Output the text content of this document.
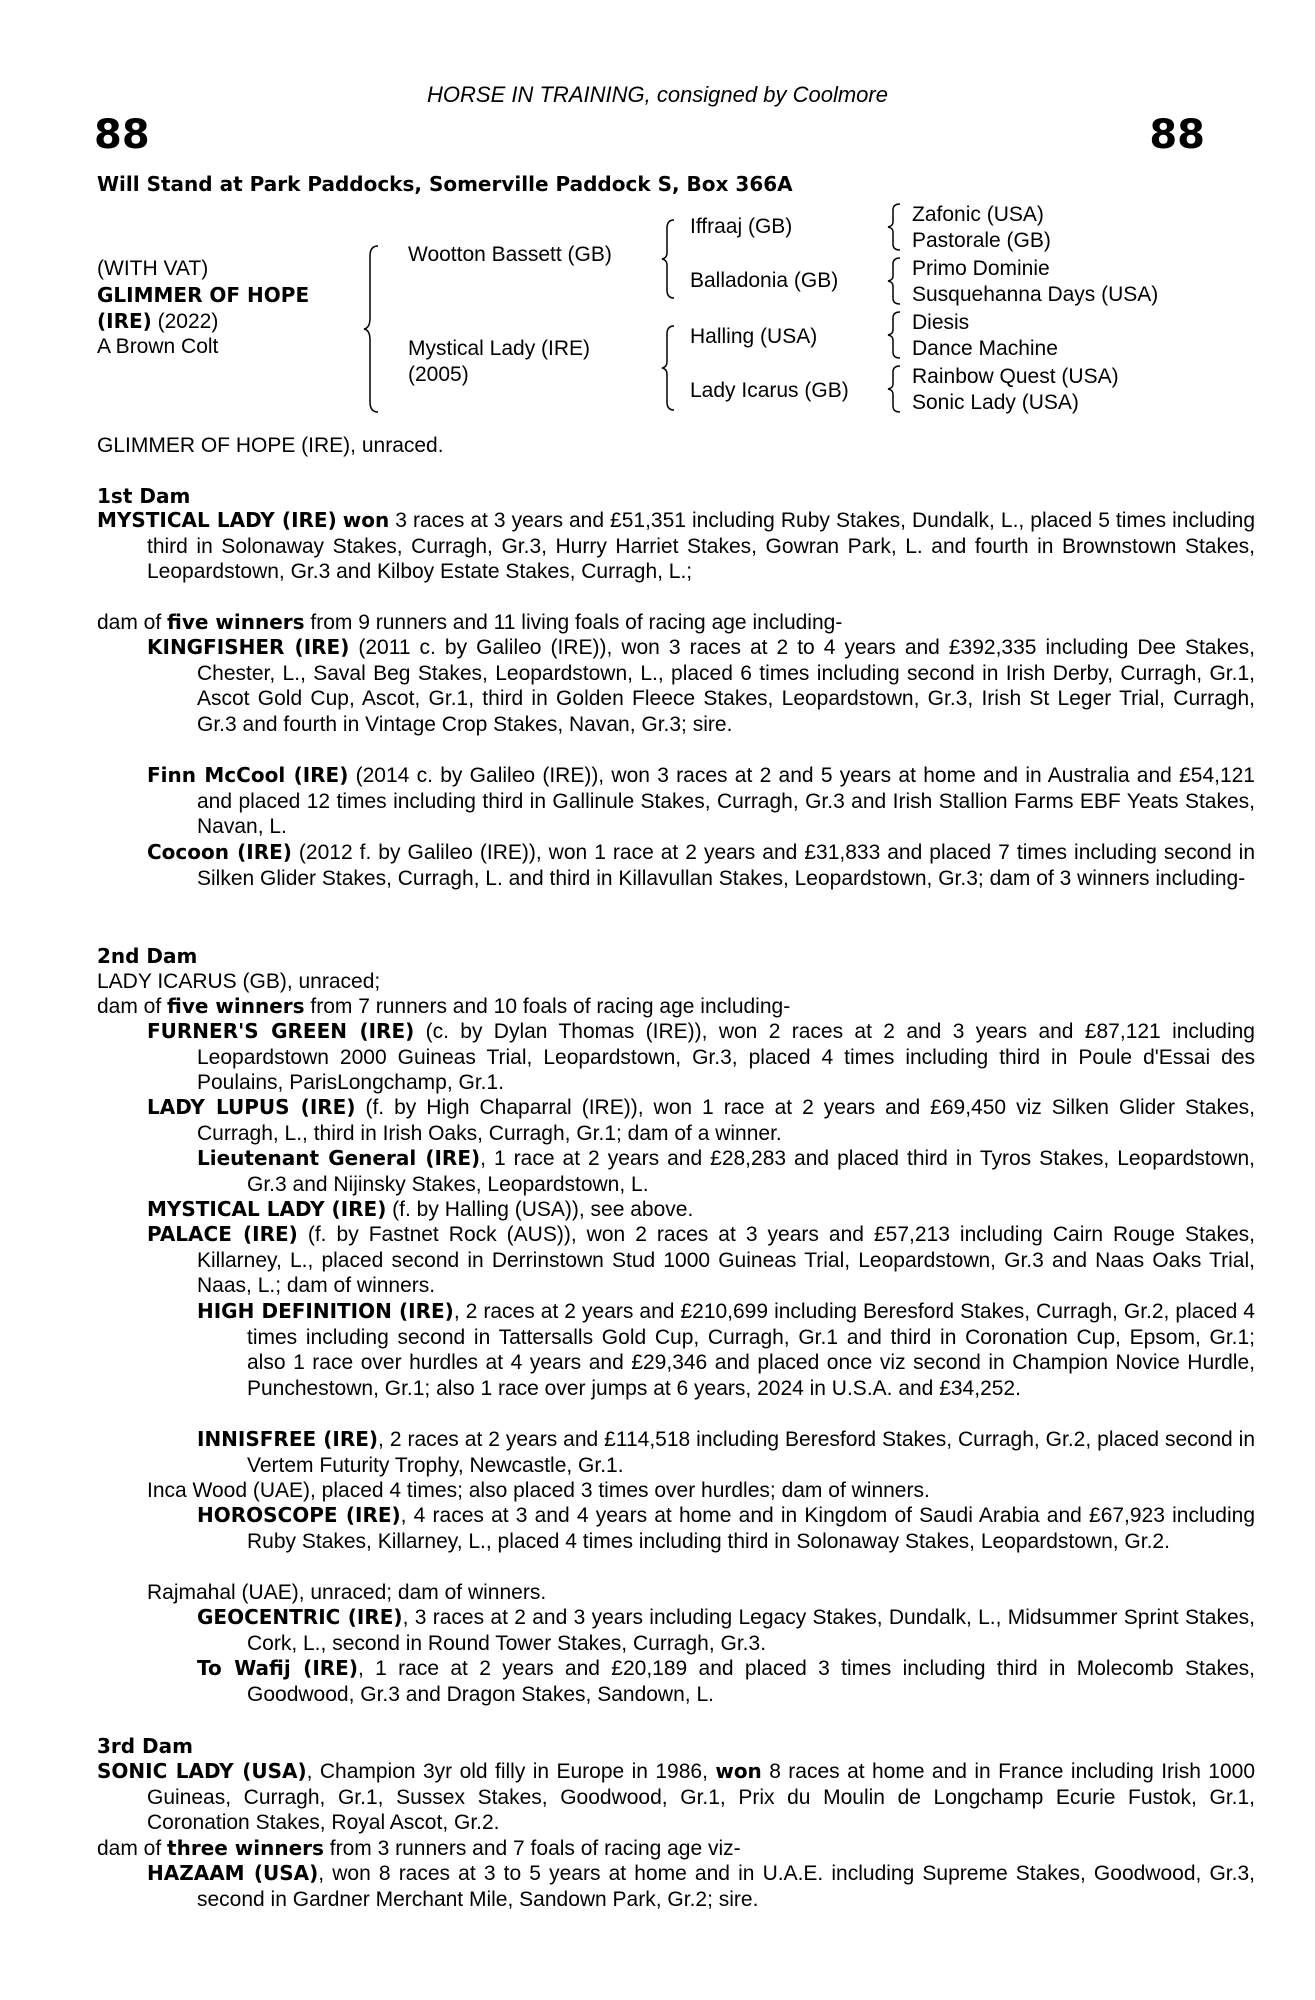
HORSE IN TRAINING, consigned by Coolmore
88	88
Will Stand at Park Paddocks, Somerville Paddock S, Box 366A
(WITH VAT)
GLIMMER OF HOPE
(IRE) (2022)
A Brown Colt
Wootton Bassett (GB)
Mystical Lady (IRE)
(2005)
Iffraaj (GB)
Balladonia (GB)
Halling (USA)
Lady Icarus (GB)
Zafonic (USA)
Pastorale (GB)
Primo Dominie
Susquehanna Days (USA)
Diesis
Dance Machine
Rainbow Quest (USA)
Sonic Lady (USA)
GLIMMER OF HOPE (IRE), unraced.
1st Dam
MYSTICAL LADY (IRE) won 3 races at 3 years and £51,351 including Ruby Stakes, Dundalk, L., placed 5 times including third in Solonaway Stakes, Curragh, Gr.3, Hurry Harriet Stakes, Gowran Park, L. and fourth in Brownstown Stakes, Leopardstown, Gr.3 and Kilboy Estate Stakes, Curragh, L.;
dam of five winners from 9 runners and 11 living foals of racing age including-
KINGFISHER (IRE) (2011 c. by Galileo (IRE)), won 3 races at 2 to 4 years and £392,335 including Dee Stakes, Chester, L., Saval Beg Stakes, Leopardstown, L., placed 6 times including second in Irish Derby, Curragh, Gr.1, Ascot Gold Cup, Ascot, Gr.1, third in Golden Fleece Stakes, Leopardstown, Gr.3, Irish St Leger Trial, Curragh, Gr.3 and fourth in Vintage Crop Stakes, Navan, Gr.3; sire.
Finn McCool (IRE) (2014 c. by Galileo (IRE)), won 3 races at 2 and 5 years at home and in Australia and £54,121 and placed 12 times including third in Gallinule Stakes, Curragh, Gr.3 and Irish Stallion Farms EBF Yeats Stakes, Navan, L.
Cocoon (IRE) (2012 f. by Galileo (IRE)), won 1 race at 2 years and £31,833 and placed 7 times including second in Silken Glider Stakes, Curragh, L. and third in Killavullan Stakes, Leopardstown, Gr.3; dam of 3 winners including-
2nd Dam
LADY ICARUS (GB), unraced;
dam of five winners from 7 runners and 10 foals of racing age including-
FURNER'S GREEN (IRE) (c. by Dylan Thomas (IRE)), won 2 races at 2 and 3 years and £87,121 including Leopardstown 2000 Guineas Trial, Leopardstown, Gr.3, placed 4 times including third in Poule d'Essai des Poulains, ParisLongchamp, Gr.1.
LADY LUPUS (IRE) (f. by High Chaparral (IRE)), won 1 race at 2 years and £69,450 viz Silken Glider Stakes, Curragh, L., third in Irish Oaks, Curragh, Gr.1; dam of a winner.
Lieutenant General (IRE), 1 race at 2 years and £28,283 and placed third in Tyros Stakes, Leopardstown, Gr.3 and Nijinsky Stakes, Leopardstown, L.
MYSTICAL LADY (IRE) (f. by Halling (USA)), see above.
PALACE (IRE) (f. by Fastnet Rock (AUS)), won 2 races at 3 years and £57,213 including Cairn Rouge Stakes, Killarney, L., placed second in Derrinstown Stud 1000 Guineas Trial, Leopardstown, Gr.3 and Naas Oaks Trial, Naas, L.; dam of winners.
HIGH DEFINITION (IRE), 2 races at 2 years and £210,699 including Beresford Stakes, Curragh, Gr.2, placed 4 times including second in Tattersalls Gold Cup, Curragh, Gr.1 and third in Coronation Cup, Epsom, Gr.1; also 1 race over hurdles at 4 years and £29,346 and placed once viz second in Champion Novice Hurdle, Punchestown, Gr.1; also 1 race over jumps at 6 years, 2024 in U.S.A. and £34,252.
INNISFREE (IRE), 2 races at 2 years and £114,518 including Beresford Stakes, Curragh, Gr.2, placed second in Vertem Futurity Trophy, Newcastle, Gr.1.
Inca Wood (UAE), placed 4 times; also placed 3 times over hurdles; dam of winners.
HOROSCOPE (IRE), 4 races at 3 and 4 years at home and in Kingdom of Saudi Arabia and £67,923 including Ruby Stakes, Killarney, L., placed 4 times including third in Solonaway Stakes, Leopardstown, Gr.2.
Rajmahal (UAE), unraced; dam of winners.
GEOCENTRIC (IRE), 3 races at 2 and 3 years including Legacy Stakes, Dundalk, L., Midsummer Sprint Stakes, Cork, L., second in Round Tower Stakes, Curragh, Gr.3.
To Wafij (IRE), 1 race at 2 years and £20,189 and placed 3 times including third in Molecomb Stakes, Goodwood, Gr.3 and Dragon Stakes, Sandown, L.
3rd Dam
SONIC LADY (USA), Champion 3yr old filly in Europe in 1986, won 8 races at home and in France including Irish 1000 Guineas, Curragh, Gr.1, Sussex Stakes, Goodwood, Gr.1, Prix du Moulin de Longchamp Ecurie Fustok, Gr.1, Coronation Stakes, Royal Ascot, Gr.2.
dam of three winners from 3 runners and 7 foals of racing age viz-
HAZAAM (USA), won 8 races at 3 to 5 years at home and in U.A.E. including Supreme Stakes, Goodwood, Gr.3, second in Gardner Merchant Mile, Sandown Park, Gr.2; sire.
